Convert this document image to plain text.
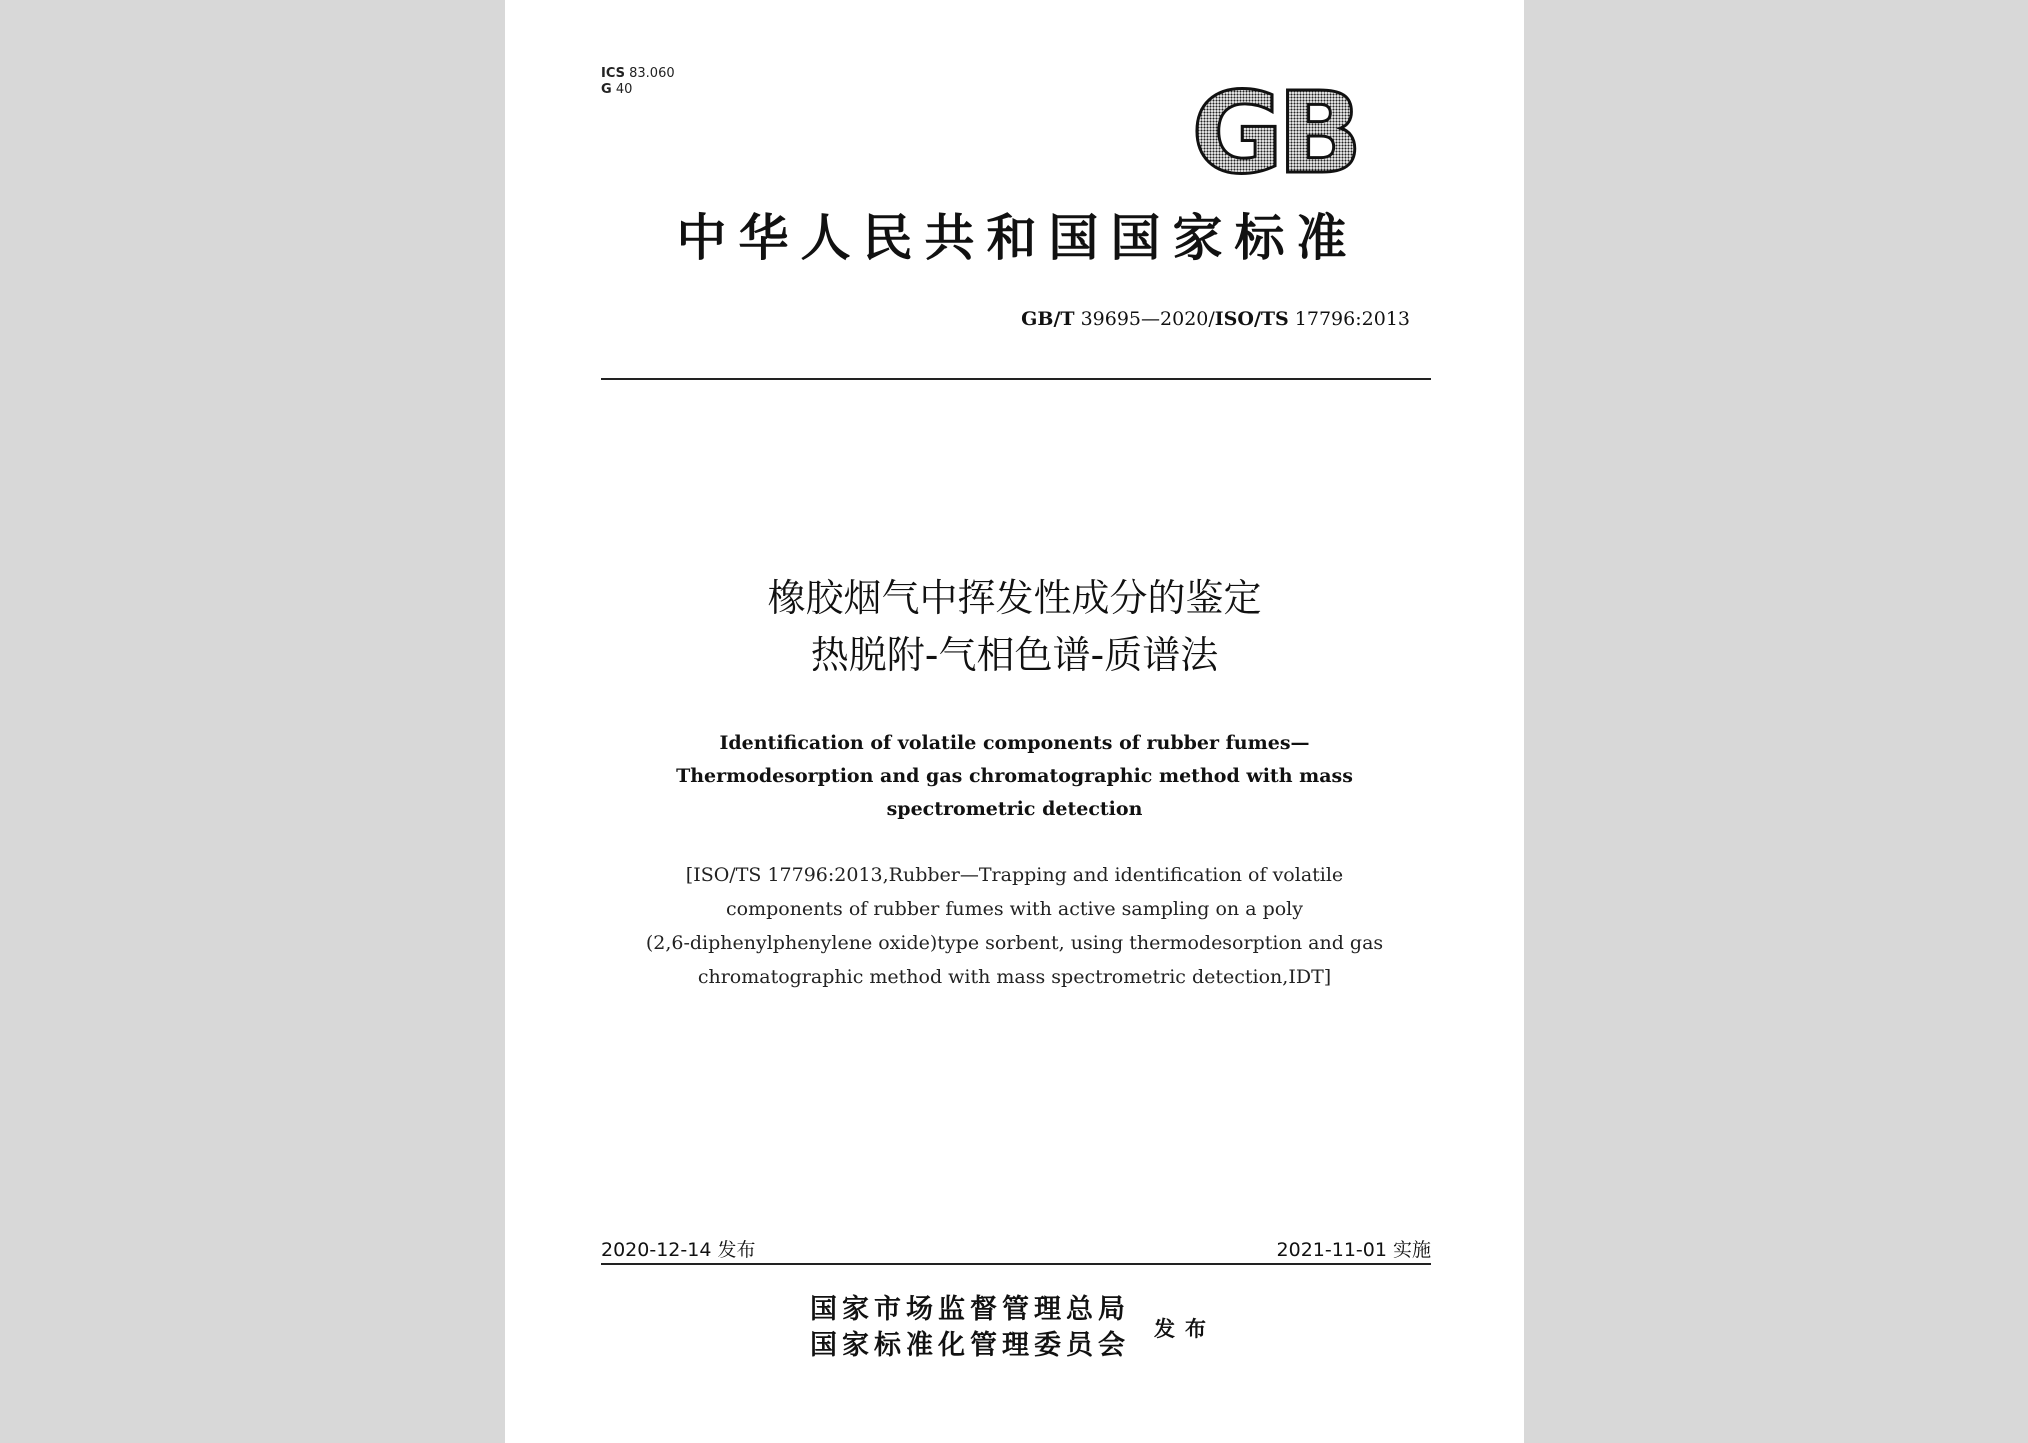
ICS 83.060
G 40	GB
中华人民共和国国家标准
GB/T 39695—2020/ISO/TS 17796:2013
橡胶烟气中挥发性成分的鉴定
热脱附-气相色谱-质谱法
Identification of volatile components of rubber fumes—
Thermodesorption and gas chromatographic method with mass
spectrometric detection
[ISO/TS 17796:2013,Rubber—Trapping and identification of volatile
components of rubber fumes with active sampling on a poly
(2,6-diphenylphenylene oxide)type sorbent, using thermodesorption and gas
chromatographic method with mass spectrometric detection,IDT]
2020-12-14 发布	2021-11-01 实施
国家市场监督管理总局
国家标准化管理委员会
发布
